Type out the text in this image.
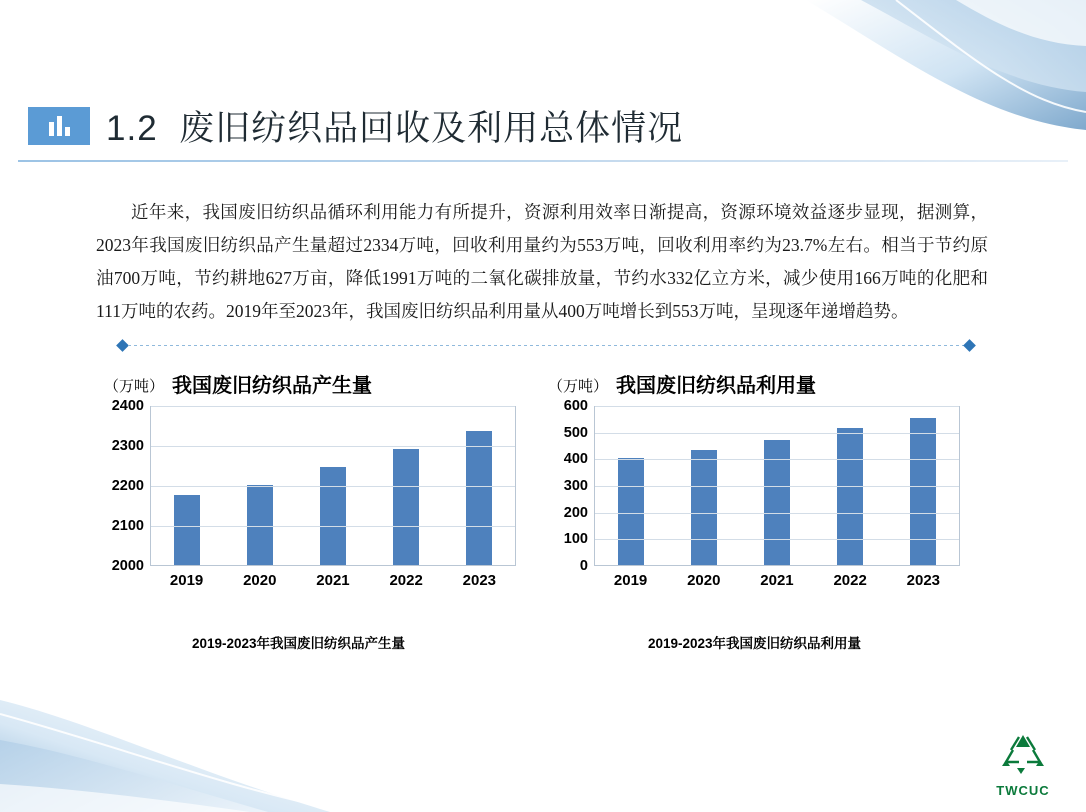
1.2 废旧纺织品回收及利用总体情况
近年来，我国废旧纺织品循环利用能力有所提升，资源利用效率日渐提高，资源环境效益逐步显现，据测算，2023年我国废旧纺织品产生量超过2334万吨，回收利用量约为553万吨，回收利用率约为23.7%左右。相当于节约原油700万吨，节约耕地627万亩，降低1991万吨的二氧化碳排放量，节约水332亿立方米，减少使用166万吨的化肥和111万吨的农药。2019年至2023年，我国废旧纺织品利用量从400万吨增长到553万吨，呈现逐年递增趋势。
（万吨） 我国废旧纺织品产生量
2400
2300
2200
2100
2000
2019	2020	2021	2022	2023
2019-2023年我国废旧纺织品产生量
（万吨） 我国废旧纺织品利用量
600
500
400
300
200
100
0
2019	2020	2021	2022	2023
2019-2023年我国废旧纺织品利用量
TWCUC
